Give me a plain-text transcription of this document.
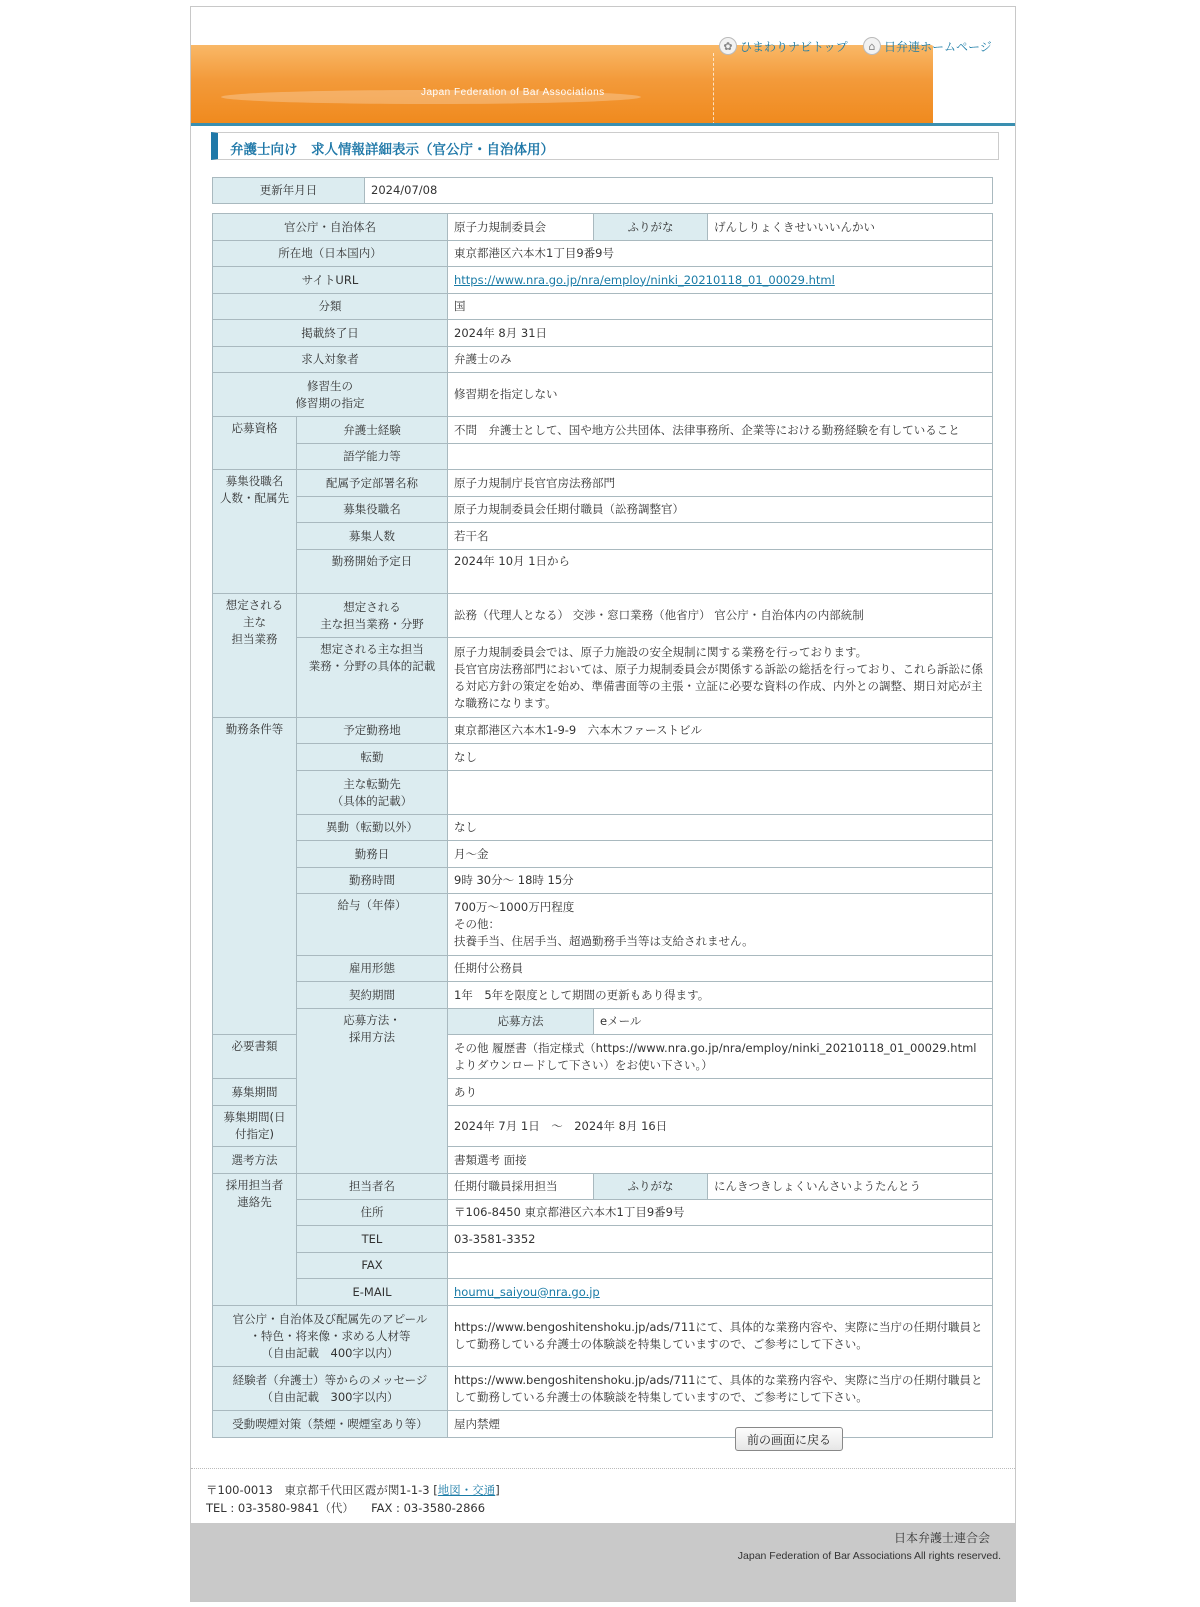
Japan Federation of Bar Associations
✿ ひまわりナビトップ	⌂ 日弁連ホームページ
弁護士向け　求人情報詳細表示（官公庁・自治体用）
更新年月日	2024/07/08
官公庁・自治体名		原子力規制委員会	ふりがな	げんしりょくきせいいいんかい
所在地（日本国内）		東京都港区六本木1丁目9番9号		
サイトURL		https://www.nra.go.jp/nra/employ/ninki_20210118_01_00029.html		
分類		国		
掲載終了日		2024年 8月 31日		
求人対象者		弁護士のみ		
修習生の
修習期の指定		修習期を指定しない		
応募資格	弁護士経験	不問　弁護士として、国や地方公共団体、法律事務所、企業等における勤務経験を有していること		
	語学能力等			
募集役職名
人数・配属先	配属予定部署名称	原子力規制庁長官官房法務部門		
	募集役職名	原子力規制委員会任期付職員（訟務調整官）		
	募集人数	若干名		
	勤務開始予定日	2024年 10月 1日から		
想定される
主な
担当業務	想定される
主な担当業務・分野	訟務（代理人となる） 交渉・窓口業務（他省庁） 官公庁・自治体内の内部統制		
	想定される主な担当
業務・分野の具体的記載	原子力規制委員会では、原子力施設の安全規制に関する業務を行っております。
長官官房法務部門においては、原子力規制委員会が関係する訴訟の総括を行っており、これら訴訟に係る対応方針の策定を始め、準備書面等の主張・立証に必要な資料の作成、内外との調整、期日対応が主な職務になります。		
勤務条件等	予定勤務地	東京都港区六本木1-9-9　六本木ファーストビル		
	転勤	なし		
	主な転勤先
（具体的記載）			
	異動（転勤以外）	なし		
	勤務日	月～金		
	勤務時間	9時 30分～ 18時 15分		
	給与（年俸）	700万～1000万円程度
その他：
扶養手当、住居手当、超過勤務手当等は支給されません。		
	雇用形態	任期付公務員		
	契約期間	1年　5年を限度として期間の更新もあり得ます。		
	応募方法・
採用方法	応募方法	eメール	
必要書類		その他 履歴書（指定様式（https://www.nra.go.jp/nra/employ/ninki_20210118_01_00029.html
よりダウンロードして下さい）をお使い下さい。）		
募集期間		あり		
募集期間(日付指定)		2024年 7月 1日　～　2024年 8月 16日		
選考方法		書類選考 面接		
採用担当者
連絡先	担当者名	任期付職員採用担当	ふりがな	にんきつきしょくいんさいようたんとう
	住所	〒106-8450 東京都港区六本木1丁目9番9号		
	TEL	03-3581-3352		
	FAX			
	E-MAIL	houmu_saiyou@nra.go.jp		
官公庁・自治体及び配属先のアピール
・特色・将来像・求める人材等
（自由記載　400字以内）		https://www.bengoshitenshoku.jp/ads/711にて、具体的な業務内容や、実際に当庁の任期付職員として勤務している弁護士の体験談を特集していますので、ご参考にして下さい。		
経験者（弁護士）等からのメッセージ
（自由記載　300字以内）		https://www.bengoshitenshoku.jp/ads/711にて、具体的な業務内容や、実際に当庁の任期付職員として勤務している弁護士の体験談を特集していますので、ご参考にして下さい。		
受動喫煙対策（禁煙・喫煙室あり等）		屋内禁煙		
前の画面に戻る
〒100-0013　東京都千代田区霞が関1-1-3 [地図・交通]
TEL : 03-3580-9841（代）　　FAX : 03-3580-2866
日本弁護士連合会
Japan Federation of Bar Associations All rights reserved.
